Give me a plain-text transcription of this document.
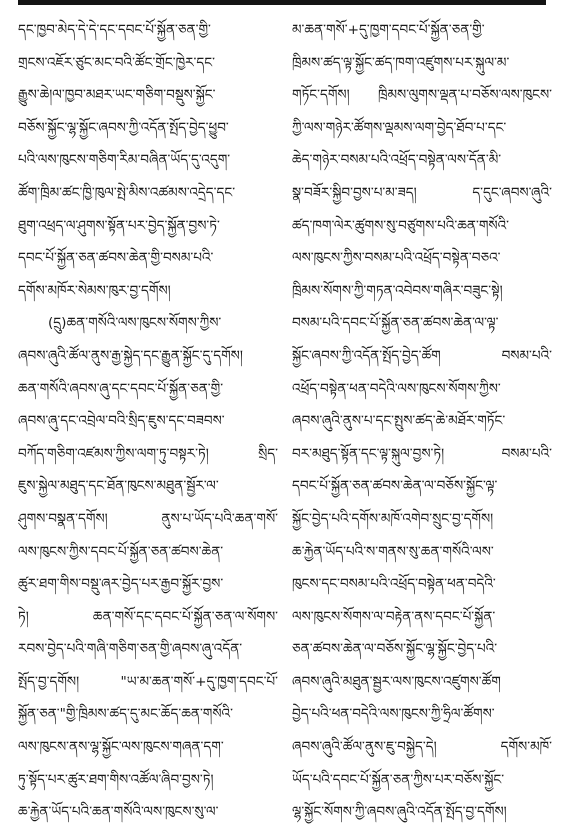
དང་ཁྱབ་མེད་དེ་དེ་དང་དབང་པོ་སྐྱོན་ཅན་གྱི་
གྲངས་འཇོར་ཙུང་མང་བའི་ཚོང་གྲོང་ཁྱེར་དང་
རྒྱུས་ཆེ།ལ་ཁྱབ་མཐར་ཡང་གཅིག་བསྡུས་སྐྱོང་
བཅོས་སྐྱོང་ལྷ་སྐྱོང་ཞབས་ཀྱི་འདོན་སྤོད་བྱེད་ཕྱུབ་
པའི་ལས་ཁུངས་གཅིག་རིམ་བཞིན་ཡོད་དུ་འདུག་
ཚོག་ཁྲིམ་ཚང་ཁྱི་ཁུལ་སྤེ་མིས་འཚམས་འདྲེད་དང་
ཐུག་འཕྲད་ལ་ཤུགས་སྟོན་པར་བྱེད་སྐྱོན་བྱས་ཏེ་
དབང་པོ་སྐྱོན་ཅན་ཚབས་ཆེན་གྱི་བསམ་པའི་
དགོས་མཁོར་སེམས་ཁུར་བྱ་དགོས།
(དྲུ)ཆན་གསོའི་ལས་ཁུངས་སོགས་ཀྱིས་
ཞབས་ཞུའི་ཚོལ་ནུས་རྒྱ་སྐྱེད་དང་རྒྱུན་སྐྱོང་དུ་དགོས།
ཆན་གསོའི་ཞབས་ཞུ་དང་དབང་པོ་སྐྱོན་ཅན་གྱི་
ཞབས་ཞུ་དང་འབྲེལ་བའི་སྲིད་ཇུས་དང་བཟབས་
བཀོད་གཅིག་འཛམས་ཀྱིས་ལག་ཏུ་བསྟར་ཏེ། སྲིད་
ཇུས་སྐྱེལ་མཐུད་དང་ཐོན་ཁུངས་མཐུན་སྦྱོར་ལ་
ཤུགས་བསྣན་དགོས། ནུས་པ་ཡོད་པའི་ཆན་གསོ་
ལས་ཁུངས་ཀྱིས་དབང་པོ་སྐྱོན་ཅན་ཚབས་ཆེན་
ཚུར་ཐག་གིས་བསྡུ་ཞར་བྱེད་པར་རྒྱབ་སྐྱོར་བྱས་
ཏེ། ཆན་གསོ་དང་དབང་པོ་སྐྱོན་ཅན་ལ་སོགས་
རབས་བྱེད་པའི་གཞི་གཅིག་ཅན་གྱི་ཞབས་ཞུ་འདོན་
སྤོད་བྱ་དགོས། "ཡ་མ་ཆན་གསོ་+དུ་ཁྱག་དབང་པོ་
སྐྱོན་ཅན་"གྱི་ཁྲིམས་ཚད་དུ་མང་ཆོད་ཆན་གསོའི་
ལས་ཁུངས་ནས་ལྷ་སྐྱོང་ལས་ཁུངས་གཞན་དག་
ཏུ་སྟོད་པར་ཚུར་ཐག་གིས་འཚོལ་ཞིབ་བྱས་ཏེ།
ཆ་རྐྱེན་ཡོད་པའི་ཆན་གསོའི་ལས་ཁུངས་སུ་ལ་
མ་ཆན་གསོ་+དུ་ཁྱག་དབང་པོ་སྐྱོན་ཅན་གྱི་
ཁྲིམས་ཚད་ལྟ་སྐྱོང་ཚད་ཁག་འཛུགས་པར་སྐུལ་མ་
གཏོང་དགོས། ཁྲིམས་ལུགས་ལྡན་པ་བཅོས་ལས་ཁུངས་
ཀྱི་ལས་གཉེར་ཚོགས་ལྡམས་ལག་བྱེད་ཐོབ་པ་དང་
ཆེད་གཉེར་བསམ་པའི་འཕྲོད་བསྟེན་ལས་དོན་མི་
སྣ་བཟོར་སྐྱིབ་བྱས་པ་མ་ཟད། ད་དུང་ཞབས་ཞུའི་
ཚད་ཁག་ལེར་ཚུགས་སུ་བཙུགས་པའི་ཆན་གསོའི་
ལས་ཁུངས་ཀྱིས་བསམ་པའི་འཕྲོད་བསྟེན་བཅའ་
ཁྲིམས་སོགས་ཀྱི་གཏན་འབེབས་གཞིར་བཟུང་སྟེ།
བསམ་པའི་དབང་པོ་སྐྱོན་ཅན་ཚབས་ཆེན་ལ་ལྟ་
སྐྱོང་ཞབས་ཀྱི་འདོན་སྤོད་བྱེད་ཚོག བསམ་པའི་
འཕྲོད་བསྟེན་ཕན་བདེའི་ལས་ཁུངས་སོགས་ཀྱིས་
ཞབས་ཞུའི་ནུས་པ་དང་སྤུས་ཚད་ཆེ་མཐོར་གཏོང་
བར་མཐུད་སྟོན་དང་ལྟ་སྐུལ་བྱས་ཏེ། བསམ་པའི་
དབང་པོ་སྐྱོན་ཅན་ཚབས་ཆེན་ལ་བཅོས་སྐྱོང་ལྟ་
སྐྱོང་བྱེད་པའི་དགོས་མཁོ་འགེབ་སྲུང་བྱ་དགོས།
ཆ་རྐྱེན་ཡོད་པའི་ས་གནས་སུ་ཆན་གསོའི་ལས་
ཁུངས་དང་བསམ་པའི་འཕྲོད་བསྟེན་ཕན་བདེའི་
ལས་ཁུངས་སོགས་ལ་བརྟེན་ནས་དབང་པོ་སྐྱོན་
ཅན་ཚབས་ཆེན་ལ་བཅོས་སྐྱོང་ལྷ་སྐྱོང་བྱེད་པའི་
ཞབས་ཞུའི་མཐུན་སྦྱར་ལས་ཁུངས་འཛུགས་ཚོག
བྱེད་པའི་ཕན་བདེའི་ལས་ཁུངས་ཀྱི་ཧྲིལ་ཚོགས་
ཞབས་ཞུའི་ཚོལ་ནུས་ཇུ་བསྐྱེད་དེ། དགོས་མཁོ་
ཡོད་པའི་དབང་པོ་སྐྱོན་ཅན་ཀྱིས་པར་བཅོས་སྐྱོང་
ལྷ་སྐྱོང་སོགས་ཀྱི་ཞབས་ཞུའི་འདོན་སྤོད་བྱ་དགོས།
